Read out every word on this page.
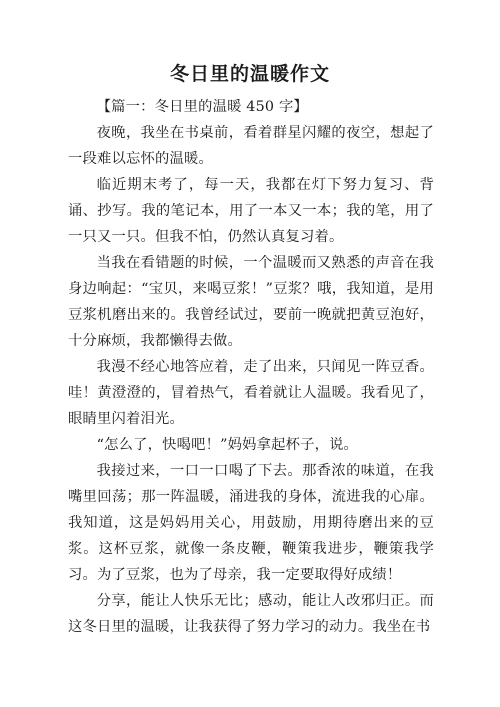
冬日里的温暖作文

【篇一：冬日里的温暖 450 字】

夜晚，我坐在书桌前，看着群星闪耀的夜空，想起了一段难以忘怀的温暖。

临近期末考了，每一天，我都在灯下努力复习、背诵、抄写。我的笔记本，用了一本又一本；我的笔，用了一只又一只。但我不怕，仍然认真复习着。

当我在看错题的时候，一个温暖而又熟悉的声音在我身边响起：“宝贝，来喝豆浆！”豆浆？哦，我知道，是用豆浆机磨出来的。我曾经试过，要前一晚就把黄豆泡好，十分麻烦，我都懒得去做。

我漫不经心地答应着，走了出来，只闻见一阵豆香。哇！黄澄澄的，冒着热气，看着就让人温暖。我看见了，眼睛里闪着泪光。

“怎么了，快喝吧！”妈妈拿起杯子，说。

我接过来，一口一口喝了下去。那香浓的味道，在我嘴里回荡；那一阵温暖，涌进我的身体，流进我的心扉。我知道，这是妈妈用关心，用鼓励，用期待磨出来的豆浆。这杯豆浆，就像一条皮鞭，鞭策我进步，鞭策我学习。为了豆浆，也为了母亲，我一定要取得好成绩！

分享，能让人快乐无比；感动，能让人改邪归正。而这冬日里的温暖，让我获得了努力学习的动力。我坐在书
